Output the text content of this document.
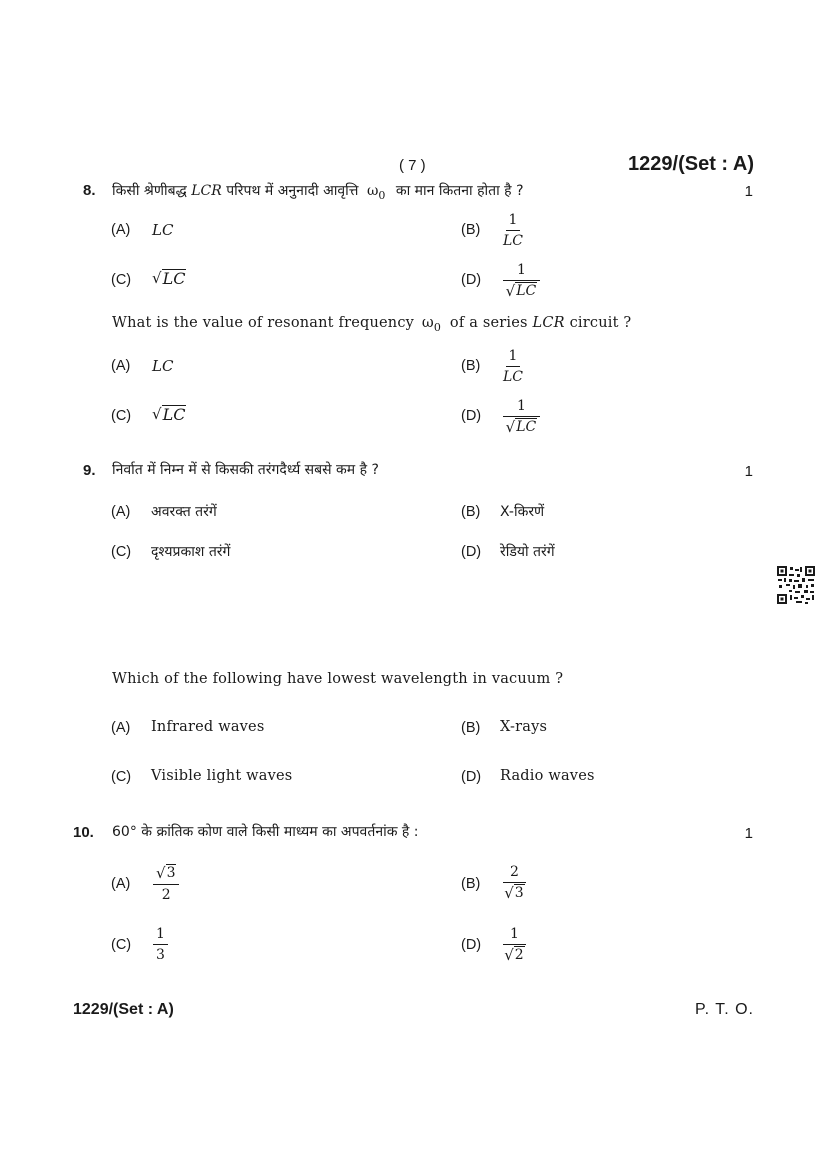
( 7 )	1229/(Set : A)
8. किसी श्रेणीबद्ध LCR परिपथ में अनुनादी आवृत्ति $\omega_0$ का मान कितना होता है ?	1
(A) LC	$(B) \frac{1}{LC}$
(C) √ LC	$(D) \frac{1}{√ LC}$
What is the value of resonant frequency $\omega_0$ of a series LCR circuit ?
(A) LC	$(B) \frac{1}{LC}$
(C) √ LC	$(D) \frac{1}{√ LC}$
9. निर्वात में निम्न में से किसकी तरंगदैर्ध्य सबसे कम है ?	1
(A) अवरक्त तरंगें	(B) X-किरणें
(C) दृश्यप्रकाश तरंगें	(D) रेडियो तरंगें
Which of the following have lowest wavelength in vacuum ?
(A) Infrared waves	(B) X-rays
(C) Visible light waves	(D) Radio waves
10. 60° के क्रांतिक कोण वाले किसी माध्यम का अपवर्तनांक है :	1
$(A) \frac{√ 3}{2}$	$(B) \frac{2}{√ 3}$
$(C) \frac{1}{3}$	$(D) \frac{1}{√ 2}$
1229/(Set : A)	P. T. O.
